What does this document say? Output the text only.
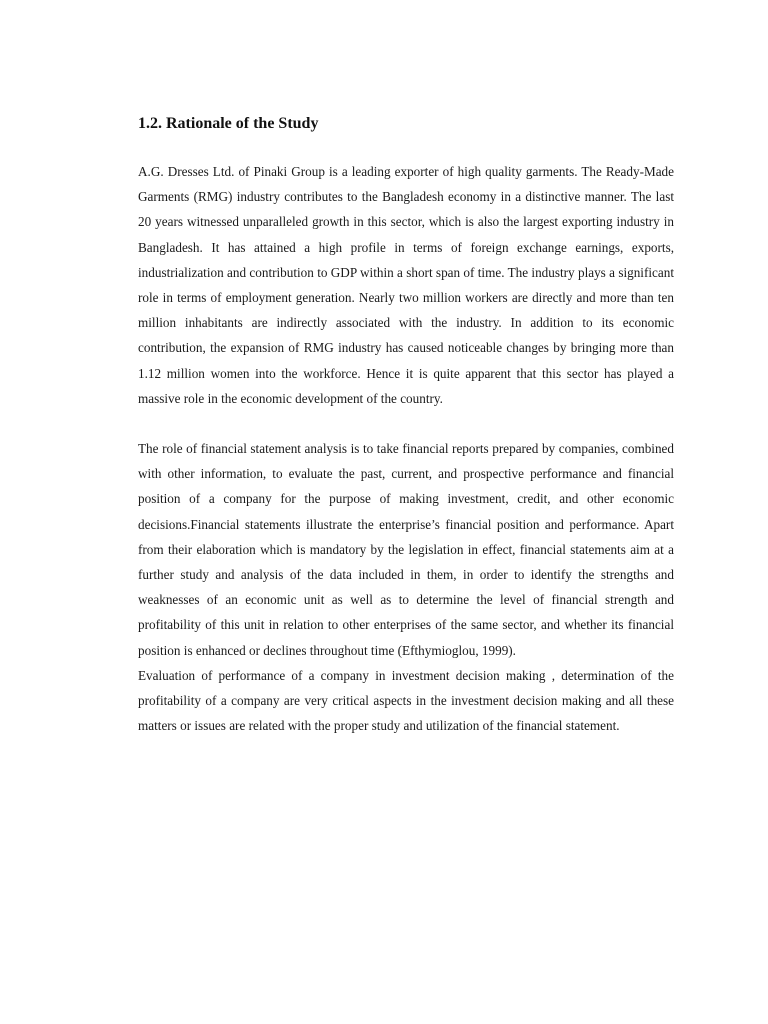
1.2. Rationale of the Study

A.G. Dresses Ltd. of Pinaki Group is a leading exporter of high quality garments. The Ready-Made Garments (RMG) industry contributes to the Bangladesh economy in a distinctive manner. The last 20 years witnessed unparalleled growth in this sector, which is also the largest exporting industry in Bangladesh. It has attained a high profile in terms of foreign exchange earnings, exports, industrialization and contribution to GDP within a short span of time. The industry plays a significant role in terms of employment generation. Nearly two million workers are directly and more than ten million inhabitants are indirectly associated with the industry. In addition to its economic contribution, the expansion of RMG industry has caused noticeable changes by bringing more than 1.12 million women into the workforce. Hence it is quite apparent that this sector has played a massive role in the economic development of the country.

The role of financial statement analysis is to take financial reports prepared by companies, combined with other information, to evaluate the past, current, and prospective performance and financial position of a company for the purpose of making investment, credit, and other economic decisions.Financial statements illustrate the enterprise’s financial position and performance. Apart from their elaboration which is mandatory by the legislation in effect, financial statements aim at a further study and analysis of the data included in them, in order to identify the strengths and weaknesses of an economic unit as well as to determine the level of financial strength and profitability of this unit in relation to other enterprises of the same sector, and whether its financial position is enhanced or declines throughout time (Efthymioglou, 1999).

Evaluation of performance of a company in investment decision making , determination of the profitability of a company are very critical aspects in the investment decision making and all these matters or issues are related with the proper study and utilization of the financial statement.
